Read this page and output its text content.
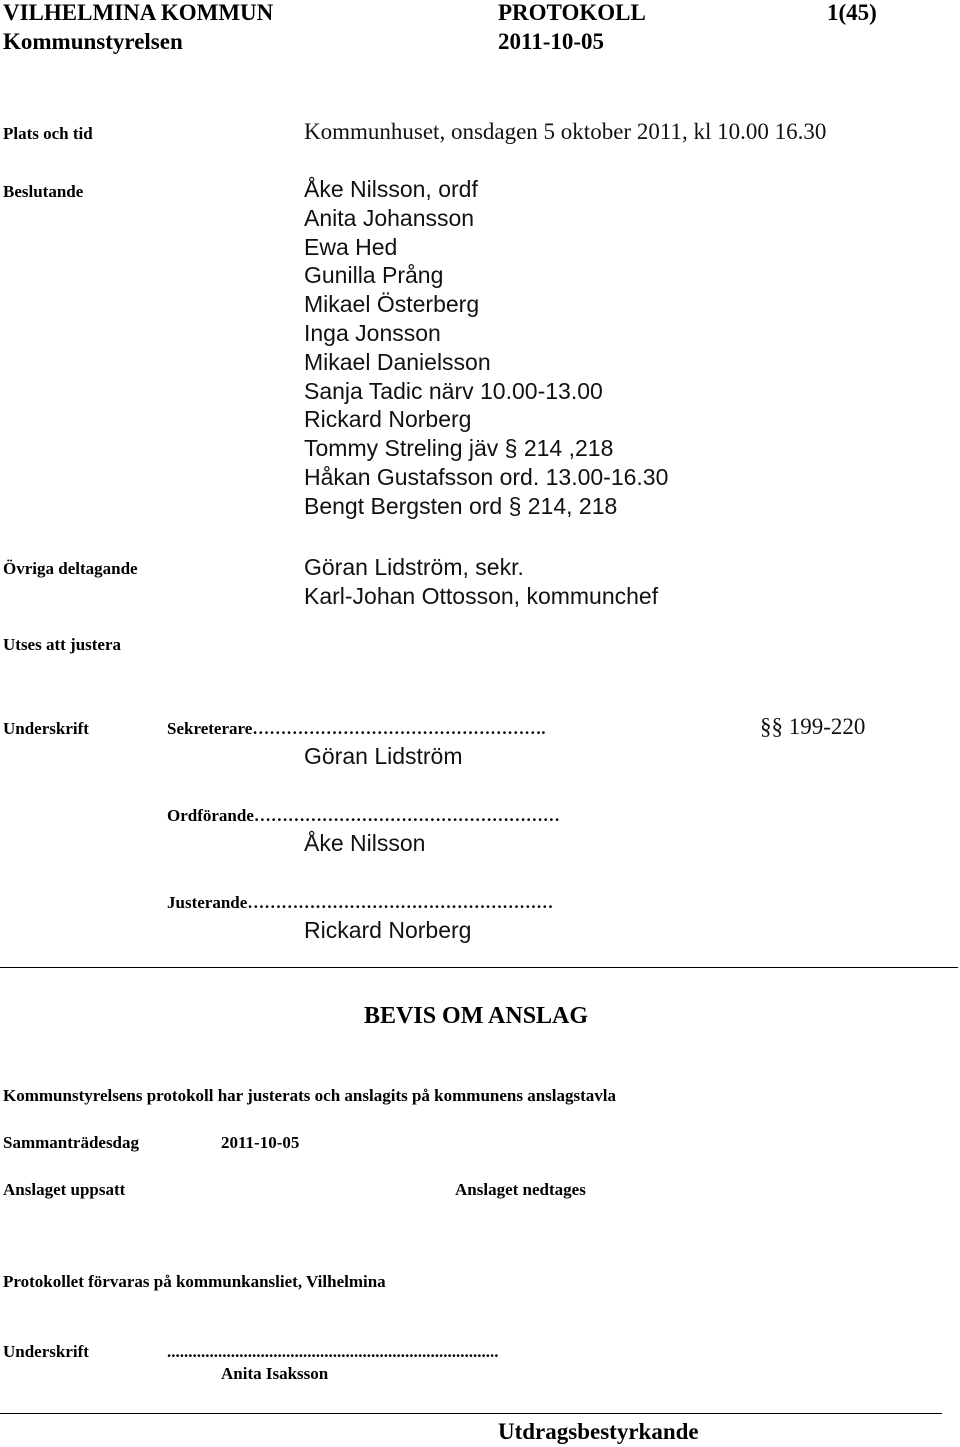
VILHELMINA KOMMUN	PROTOKOLL	1(45)
Kommunstyrelsen	2011-10-05
Plats och tid	Kommunhuset, onsdagen 5 oktober 2011, kl 10.00 16.30
Beslutande	Åke Nilsson, ordf
Anita Johansson
Ewa Hed
Gunilla Prång
Mikael Österberg
Inga Jonsson
Mikael Danielsson
Sanja Tadic närv 10.00-13.00
Rickard Norberg
Tommy Streling jäv § 214 ,218
Håkan Gustafsson ord. 13.00-16.30
Bengt Bergsten ord § 214, 218
Övriga deltagande	Göran Lidström, sekr.
Karl-Johan Ottosson, kommunchef
Utses att justera
Underskrift	Sekreterare…………………………………………….	§§ 199-220
Göran Lidström
Ordförande………………………………………………
Åke Nilsson
Justerande………………………………………………
Rickard Norberg
BEVIS OM ANSLAG
Kommunstyrelsens protokoll har justerats och anslagits på kommunens anslagstavla
Sammanträdesdag	2011-10-05
Anslaget uppsatt	Anslaget nedtages
Protokollet förvaras på kommunkansliet, Vilhelmina
Underskrift	..............................................................................
Anita Isaksson
Utdragsbestyrkande
